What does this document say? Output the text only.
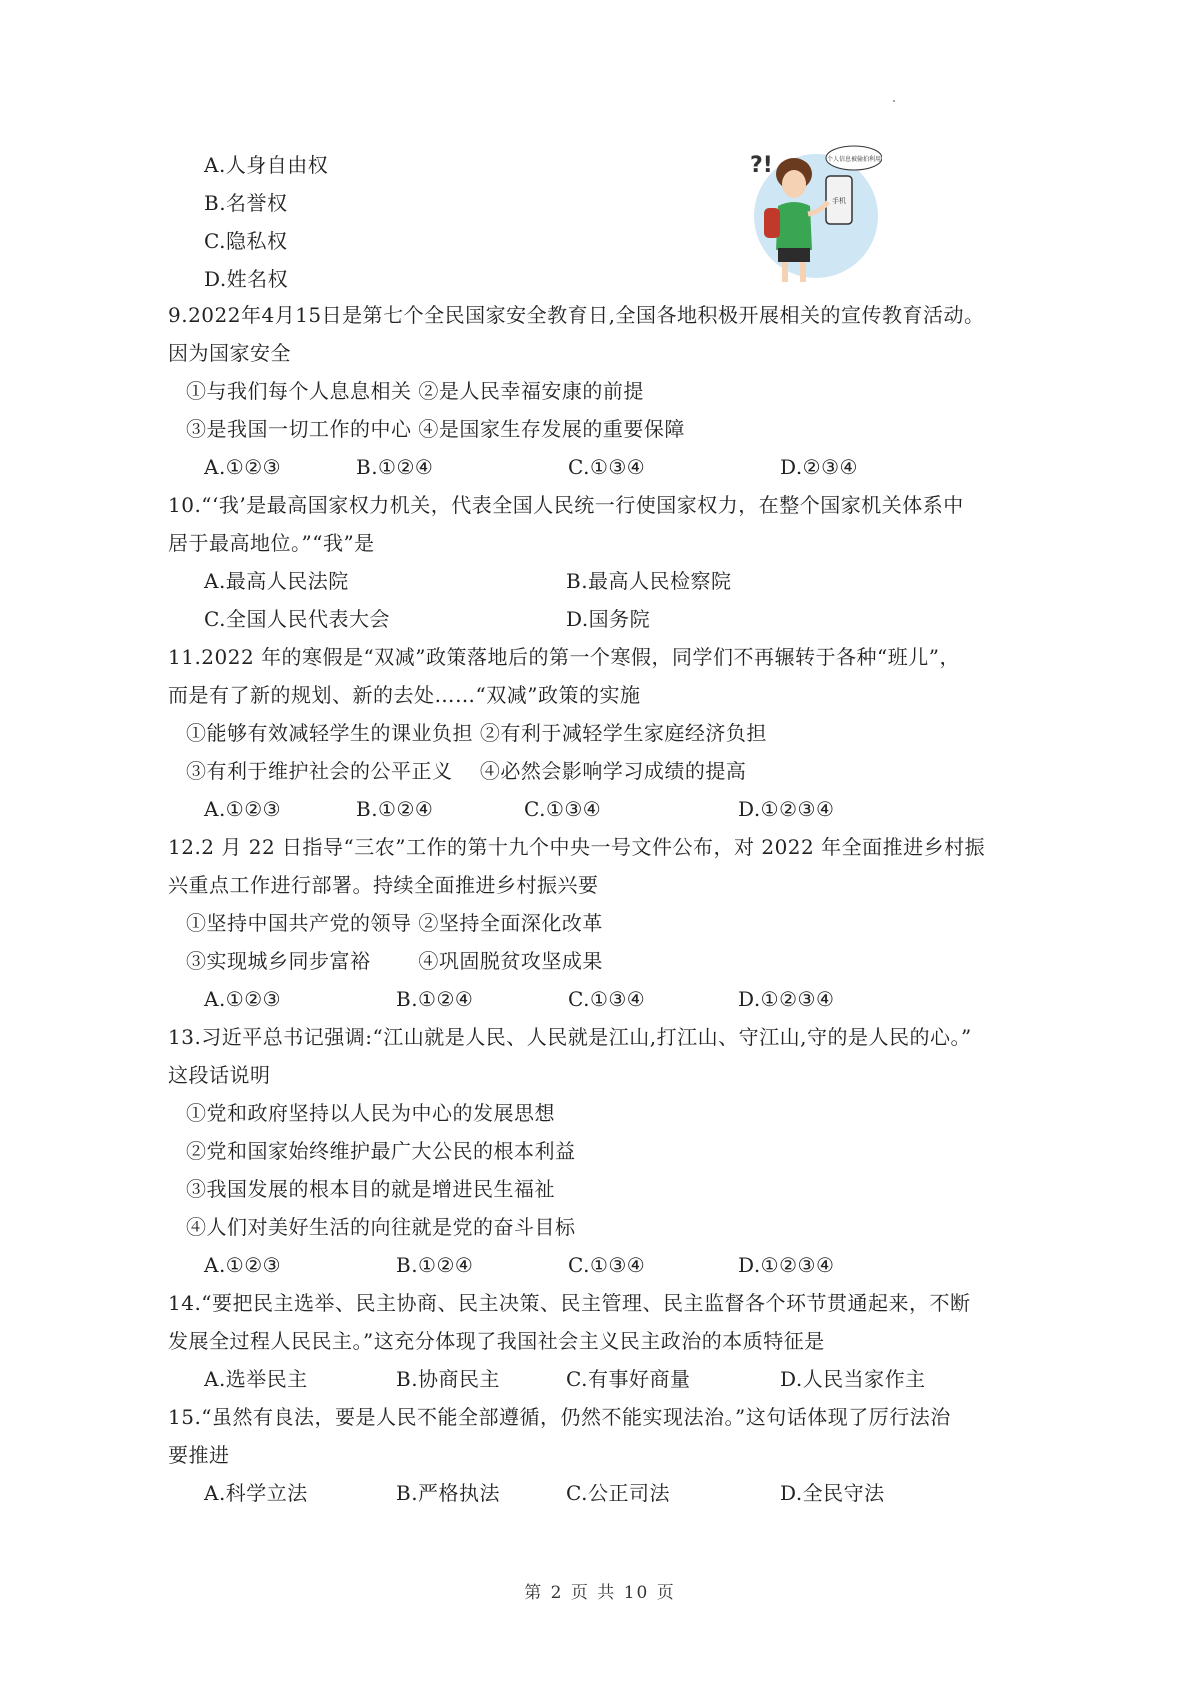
A.人身自由权
B.名誉权
C.隐私权
D.姓名权
个人信息被偷拍利用
?!
手机
9.2022年4月15日是第七个全民国家安全教育日,全国各地积极开展相关的宣传教育活动。
因为国家安全
①与我们每个人息息相关 ②是人民幸福安康的前提
③是我国一切工作的中心 ④是国家生存发展的重要保障
A.①②③	B.①②④	C.①③④	D.②③④
10.“‘我’是最高国家权力机关，代表全国人民统一行使国家权力，在整个国家机关体系中
居于最高地位。”“我”是
A.最高人民法院	B.最高人民检察院
C.全国人民代表大会	D.国务院
11.2022 年的寒假是“双减”政策落地后的第一个寒假，同学们不再辗转于各种“班儿”，
而是有了新的规划、新的去处……“双减”政策的实施
①能够有效减轻学生的课业负担 ②有利于减轻学生家庭经济负担
③有利于维护社会的公平正义　 ④必然会影响学习成绩的提高
A.①②③	B.①②④	C.①③④	D.①②③④
12.2 月 22 日指导“三农”工作的第十九个中央一号文件公布，对 2022 年全面推进乡村振
兴重点工作进行部署。持续全面推进乡村振兴要
①坚持中国共产党的领导 ②坚持全面深化改革
③实现城乡同步富裕　　 ④巩固脱贫攻坚成果
A.①②③	B.①②④	C.①③④	D.①②③④
13.习近平总书记强调:“江山就是人民、人民就是江山,打江山、守江山,守的是人民的心。”
这段话说明
①党和政府坚持以人民为中心的发展思想
②党和国家始终维护最广大公民的根本利益
③我国发展的根本目的就是增进民生福祉
④人们对美好生活的向往就是党的奋斗目标
A.①②③	B.①②④	C.①③④	D.①②③④
14.“要把民主选举、民主协商、民主决策、民主管理、民主监督各个环节贯通起来，不断
发展全过程人民民主。”这充分体现了我国社会主义民主政治的本质特征是
A.选举民主	B.协商民主	C.有事好商量	D.人民当家作主
15.“虽然有良法，要是人民不能全部遵循，仍然不能实现法治。”这句话体现了厉行法治
要推进
A.科学立法	B.严格执法	C.公正司法	D.全民守法
第 2 页 共 10 页
